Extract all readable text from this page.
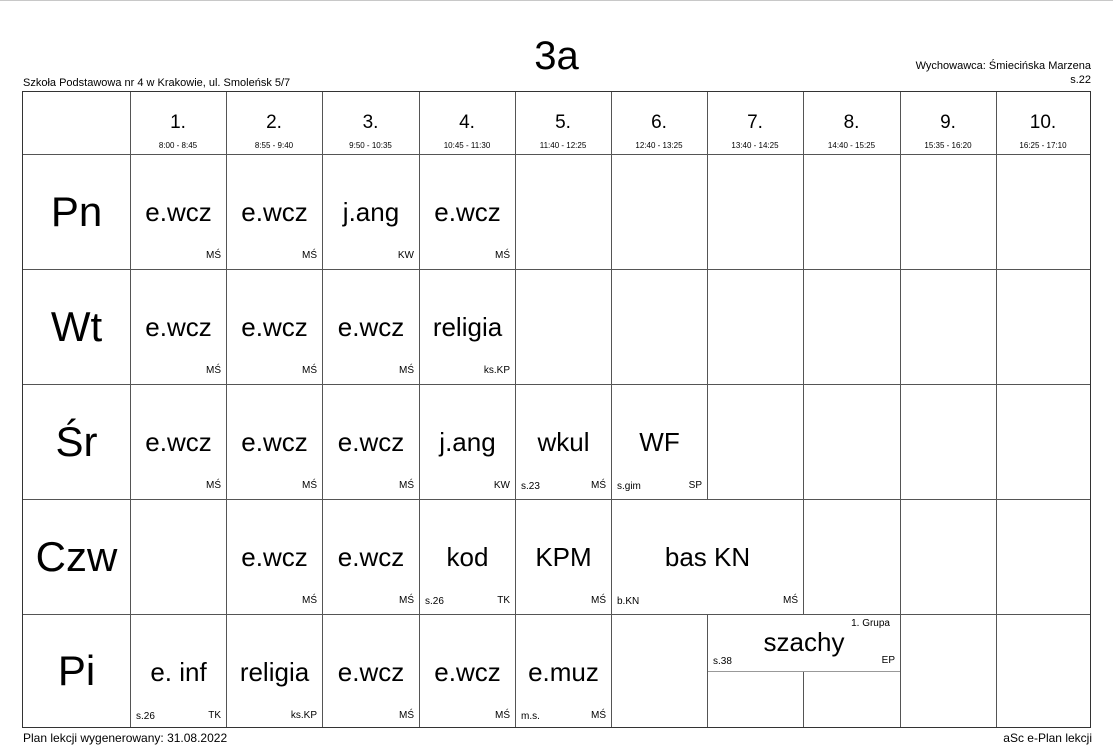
3a
Szkoła Podstawowa nr 4 w Krakowie, ul. Smoleńsk 5/7
Wychowawca: Śmiecińska Marzena
s.22
1.
8:00 - 8:45
2.
8:55 - 9:40
3.
9:50 - 10:35
4.
10:45 - 11:30
5.
11:40 - 12:25
6.
12:40 - 13:25
7.
13:40 - 14:25
8.
14:40 - 15:25
9.
15:35 - 16:20
10.
16:25 - 17:10
Pn
Wt
Śr
Czw
Pi
e.wcz
MŚ
e.wcz
MŚ
j.ang
KW
e.wcz
MŚ
e.wcz
MŚ
e.wcz
MŚ
e.wcz
MŚ
religia
ks.KP
e.wcz
MŚ
e.wcz
MŚ
e.wcz
MŚ
j.ang
KW
wkul
MŚ
s.23
WF
SP
s.gim
e.wcz
MŚ
e.wcz
MŚ
kod
TK
s.26
KPM
MŚ
bas KN
MŚ
b.KN
e. inf
TK
s.26
religia
ks.KP
e.wcz
MŚ
e.wcz
MŚ
e.muz
MŚ
m.s.
szachy
EP
s.38
1. Grupa
Plan lekcji wygenerowany: 31.08.2022	aSc e-Plan lekcji
